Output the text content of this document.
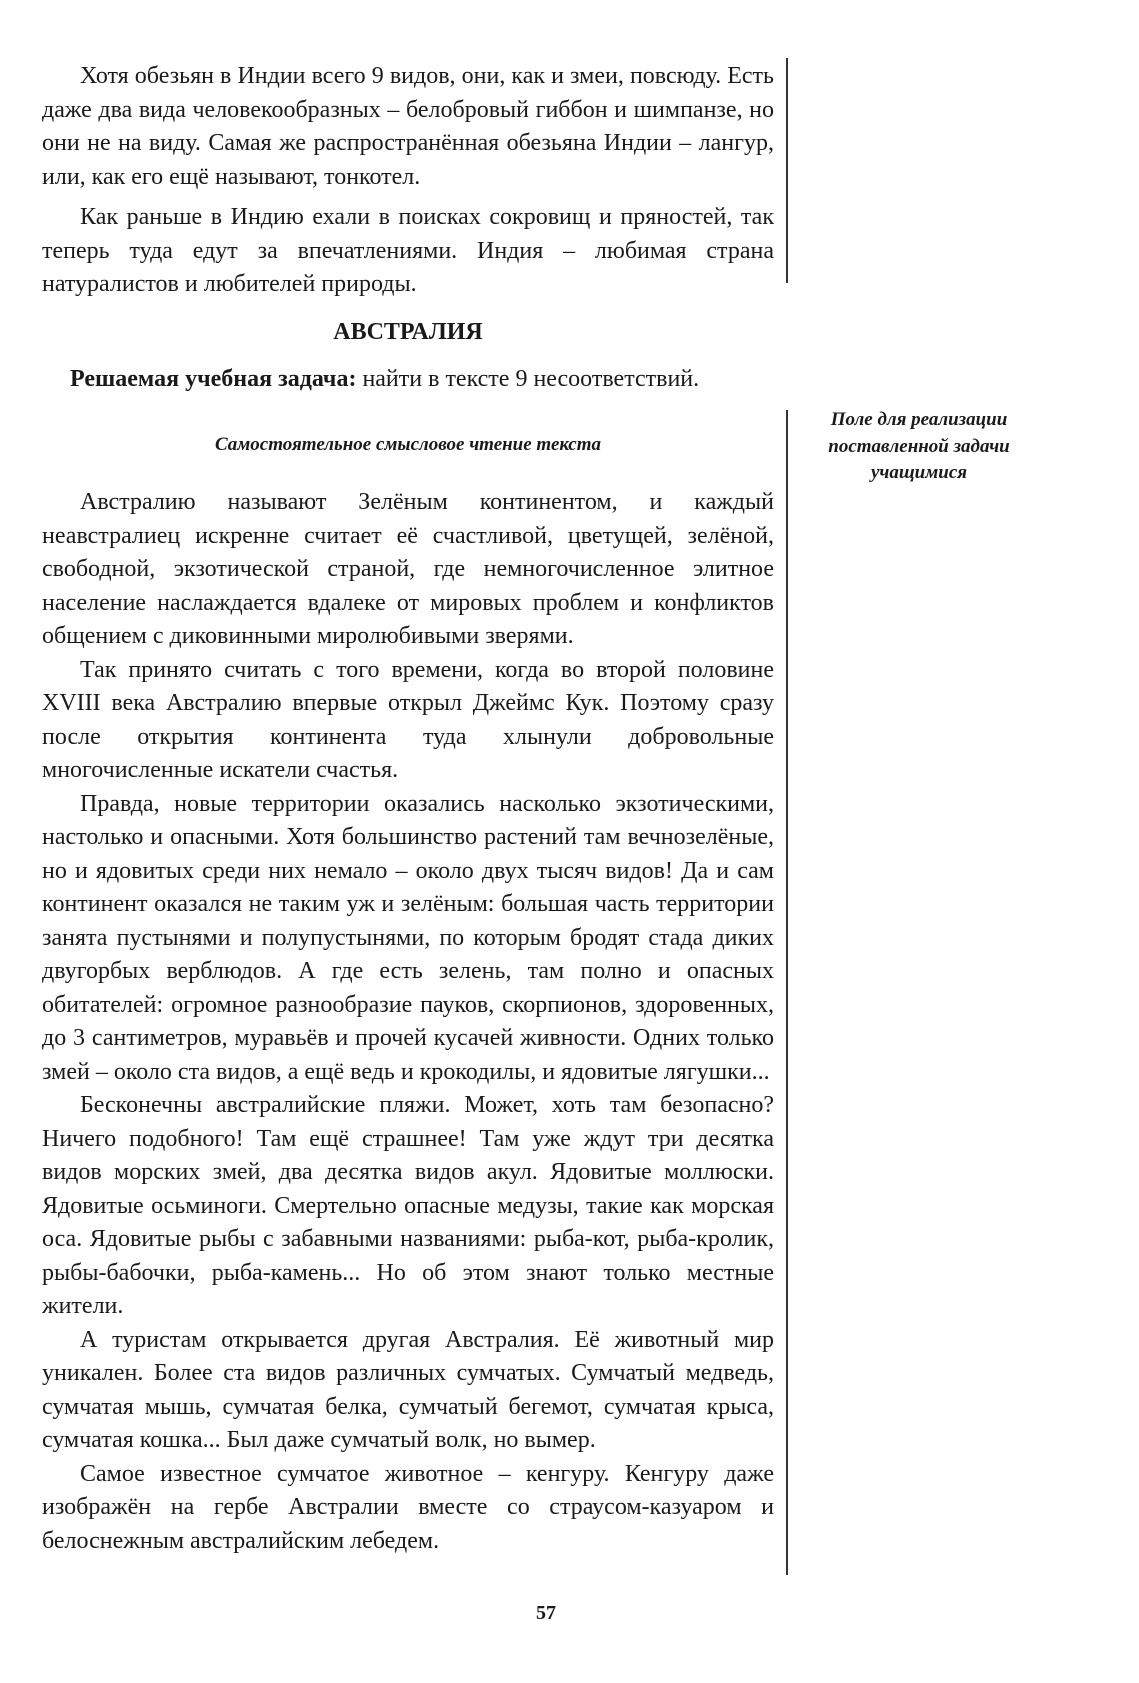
Хотя обезьян в Индии всего 9 видов, они, как и змеи, повсюду. Есть даже два вида человекообразных – белобровый гиббон и шимпанзе, но они не на виду. Самая же распространённая обезьяна Индии – лангур, или, как его ещё называют, тонкотел.

Как раньше в Индию ехали в поисках сокровищ и пряностей, так теперь туда едут за впечатлениями. Индия – любимая страна натуралистов и любителей природы.

АВСТРАЛИЯ
Решаемая учебная задача: найти в тексте 9 несоответствий.
Самостоятельное смысловое чтение текста
Поле для реализации поставленной задачи учащимися

Австралию называют Зелёным континентом, и каждый неавстралиец искренне считает её счастливой, цветущей, зелёной, свободной, экзотической страной, где немногочисленное элитное население наслаждается вдалеке от мировых проблем и конфликтов общением с диковинными миролюбивыми зверями.

Так принято считать с того времени, когда во второй половине XVIII века Австралию впервые открыл Джеймс Кук. Поэтому сразу после открытия континента туда хлынули добровольные многочисленные искатели счастья.

Правда, новые территории оказались насколько экзотическими, настолько и опасными. Хотя большинство растений там вечнозелёные, но и ядовитых среди них немало – около двух тысяч видов! Да и сам континент оказался не таким уж и зелёным: большая часть территории занята пустынями и полупустынями, по которым бродят стада диких двугорбых верблюдов. А где есть зелень, там полно и опасных обитателей: огромное разнообразие пауков, скорпионов, здоровенных, до 3 сантиметров, муравьёв и прочей кусачей живности. Одних только змей – около ста видов, а ещё ведь и крокодилы, и ядовитые лягушки...

Бесконечны австралийские пляжи. Может, хоть там безопасно? Ничего подобного! Там ещё страшнее! Там уже ждут три десятка видов морских змей, два десятка видов акул. Ядовитые моллюски. Ядовитые осьминоги. Смертельно опасные медузы, такие как морская оса. Ядовитые рыбы с забавными названиями: рыба-кот, рыба-кролик, рыбы-бабочки, рыба-камень... Но об этом знают только местные жители.

А туристам открывается другая Австралия. Её животный мир уникален. Более ста видов различных сумчатых. Сумчатый медведь, сумчатая мышь, сумчатая белка, сумчатый бегемот, сумчатая крыса, сумчатая кошка... Был даже сумчатый волк, но вымер.

Самое известное сумчатое животное – кенгуру. Кенгуру даже изображён на гербе Австралии вместе со страусом-казуаром и белоснежным австралийским лебедем.

57
